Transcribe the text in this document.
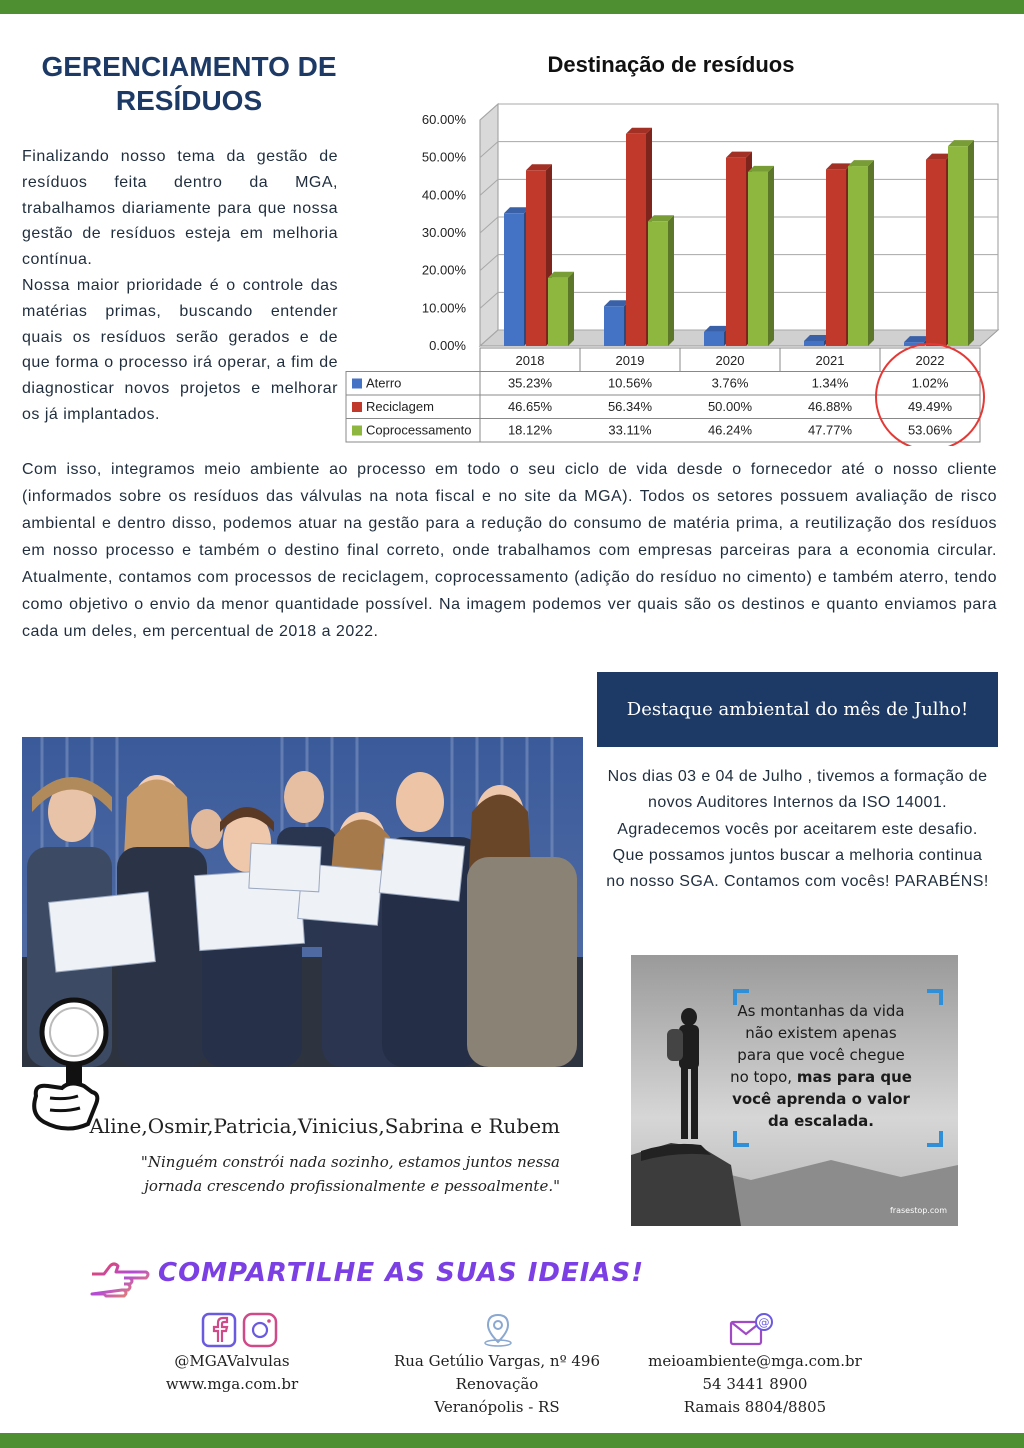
GERENCIAMENTO DE
RESÍDUOS

Finalizando nosso tema da gestão de resíduos feita dentro da MGA, trabalhamos diariamente para que nossa gestão de resíduos esteja em melhoria contínua.

Nossa maior prioridade é o controle das matérias primas, buscando entender quais os resíduos serão gerados e de que forma o processo irá operar, a fim de diagnosticar novos projetos e melhorar os já implantados.

Destinação de resíduos
0.00%
10.00%
20.00%
30.00%
40.00%
50.00%
60.00%
2018	2019	2020	2021	2022
Aterro	35.23%	10.56%	3.76%	1.34%	1.02%
Reciclagem	46.65%	56.34%	50.00%	46.88%	49.49%
Coprocessamento	18.12%	33.11%	46.24%	47.77%	53.06%
Com isso, integramos meio ambiente ao processo em todo o seu ciclo de vida desde o fornecedor até o nosso cliente (informados sobre os resíduos das válvulas na nota fiscal e no site da MGA). Todos os setores possuem avaliação de risco ambiental e dentro disso, podemos atuar na gestão para a redução do consumo de matéria prima, a reutilização dos resíduos em nosso processo e também o destino final correto, onde trabalhamos com empresas parceiras para a economia circular. Atualmente, contamos com processos de reciclagem, coprocessamento (adição do resíduo no cimento) e também aterro, tendo como objetivo o envio da menor quantidade possível. Na imagem podemos ver quais são os destinos e quanto enviamos para cada um deles, em percentual de 2018 a 2022.
Aline,Osmir,Patricia,Vinicius,Sabrina e Rubem
"Ninguém constrói nada sozinho, estamos juntos nessa jornada crescendo profissionalmente e pessoalmente."
Destaque ambiental do mês de Julho!

Nos dias 03 e 04 de Julho , tivemos a formação de novos Auditores Internos da ISO 14001.

Agradecemos vocês por aceitarem este desafio. Que possamos juntos buscar a melhoria continua no nosso SGA. Contamos com vocês! PARABÉNS!

As montanhas da vida
não existem apenas
para que você chegue
no topo, mas para que
você aprenda o valor
da escalada.
frasestop.com
COMPARTILHE AS SUAS IDEIAS!
@

@MGAValvulas

www.mga.com.br

Rua Getúlio Vargas, nº 496

Renovação

Veranópolis - RS

meioambiente@mga.com.br

54 3441 8900

Ramais 8804/8805
